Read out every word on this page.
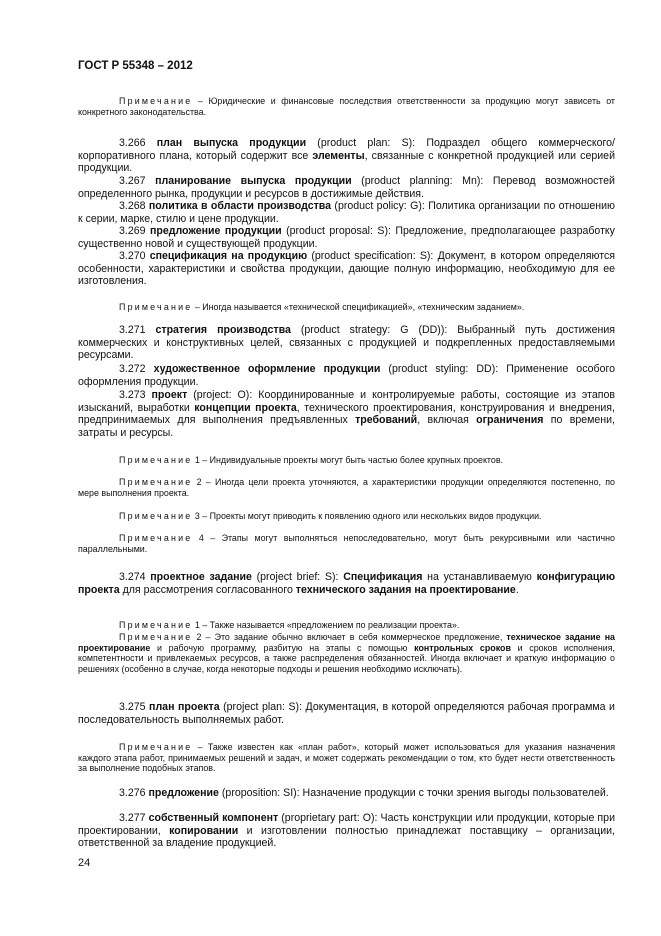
ГОСТ Р 55348 – 2012

Примечание – Юридические и финансовые последствия ответственности за продукцию могут зависеть от конкретного законодательства.

3.266 план выпуска продукции (product plan: S): Подраздел общего коммерческого/корпоративного плана, который содержит все элементы, связанные с конкретной продукцией или серией продукции.

3.267 планирование выпуска продукции (product planning: Mn): Перевод возможностей определенного рынка, продукции и ресурсов в достижимые действия.

3.268 политика в области производства (product policy: G): Политика организации по отношению к серии, марке, стилю и цене продукции.

3.269 предложение продукции (product proposal: S): Предложение, предполагающее разработку существенно новой и существующей продукции.

3.270 спецификация на продукцию (product specification: S): Документ, в котором определяются особенности, характеристики и свойства продукции, дающие полную информацию, необходимую для ее изготовления.

Примечание – Иногда называется «технической спецификацией», «техническим заданием».

3.271 стратегия производства (product strategy: G (DD)): Выбранный путь достижения коммерческих и конструктивных целей, связанных с продукцией и подкрепленных предоставляемыми ресурсами.

3.272 художественное оформление продукции (product styling: DD): Применение особого оформления продукции.

3.273 проект (project: O): Координированные и контролируемые работы, состоящие из этапов изысканий, выработки концепции проекта, технического проектирования, конструирования и внедрения, предпринимаемых для выполнения предъявленных требований, включая ограничения по времени, затраты и ресурсы.

Примечание 1 – Индивидуальные проекты могут быть частью более крупных проектов.

Примечание 2 – Иногда цели проекта уточняются, а характеристики продукции определяются постепенно, по мере выполнения проекта.

Примечание 3 – Проекты могут приводить к появлению одного или нескольких видов продукции.

Примечание 4 – Этапы могут выполняться непоследовательно, могут быть рекурсивными или частично параллельными.

3.274 проектное задание (project brief: S): Спецификация на устанавливаемую конфигурацию проекта для рассмотрения согласованного технического задания на проектирование.

Примечание 1 – Также называется «предложением по реализации проекта».

Примечание 2 – Это задание обычно включает в себя коммерческое предложение, техническое задание на проектирование и рабочую программу, разбитую на этапы с помощью контрольных сроков и сроков исполнения, компетентности и привлекаемых ресурсов, а также распределения обязанностей. Иногда включает и краткую информацию о решениях (особенно в случае, когда некоторые подходы и решения необходимо исключать).

3.275 план проекта (project plan: S): Документация, в которой определяются рабочая программа и последовательность выполняемых работ.

Примечание – Также известен как «план работ», который может использоваться для указания назначения каждого этапа работ, принимаемых решений и задач, и может содержать рекомендации о том, кто будет нести ответственность за выполнение подобных этапов.

3.276 предложение (proposition: SI): Назначение продукции с точки зрения выгоды пользователей.

3.277 собственный компонент (proprietary part: O): Часть конструкции или продукции, которые при проектировании, копировании и изготовлении полностью принадлежат поставщику – организации, ответственной за владение продукцией.

24
